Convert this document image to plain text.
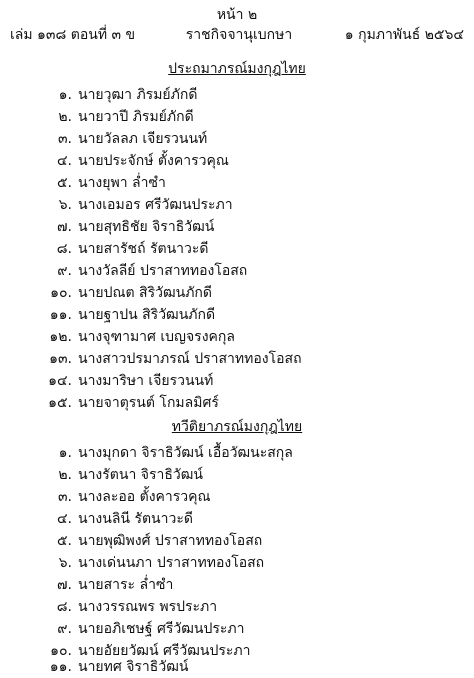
หน้า ๒
เล่ม ๑๓๘ ตอนที่ ๓ ข	ราชกิจจานุเบกษา	๑ กุมภาพันธ์ ๒๕๖๔
ประถมาภรณ์มงกุฎไทย
๑. นายวุฒา ภิรมย์ภักดี
๒. นายวาปี ภิรมย์ภักดี
๓. นายวัลลภ เจียรวนนท์
๔. นายประจักษ์ ตั้งคารวคุณ
๕. นางยุพา ล่ำซำ
๖. นางเอมอร ศรีวัฒนประภา
๗. นายสุทธิชัย จิราธิวัฒน์
๘. นายสารัชถ์ รัตนาวะดี
๙. นางวัลลีย์ ปราสาททองโอสถ
๑๐. นายปณต สิริวัฒนภักดี
๑๑. นายฐาปน สิริวัฒนภักดี
๑๒. นางจุฑามาศ เบญจรงคกุล
๑๓. นางสาวปรมาภรณ์ ปราสาททองโอสถ
๑๔. นางมาริษา เจียรวนนท์
๑๕. นายจาตุรนต์ โกมลมิศร์
ทวีติยาภรณ์มงกุฎไทย
๑. นางมุกดา จิราธิวัฒน์ เอื้อวัฒนะสกุล
๒. นางรัตนา จิราธิวัฒน์
๓. นางละออ ตั้งคารวคุณ
๔. นางนลินี รัตนาวะดี
๕. นายพุฒิพงศ์ ปราสาททองโอสถ
๖. นางเด่นนภา ปราสาททองโอสถ
๗. นายสาระ ล่ำซำ
๘. นางวรรณพร พรประภา
๙. นายอภิเชษฐ์ ศรีวัฒนประภา
๑๐. นายอัยยวัฒน์ ศรีวัฒนประภา
๑๑. นายทศ จิราธิวัฒน์
